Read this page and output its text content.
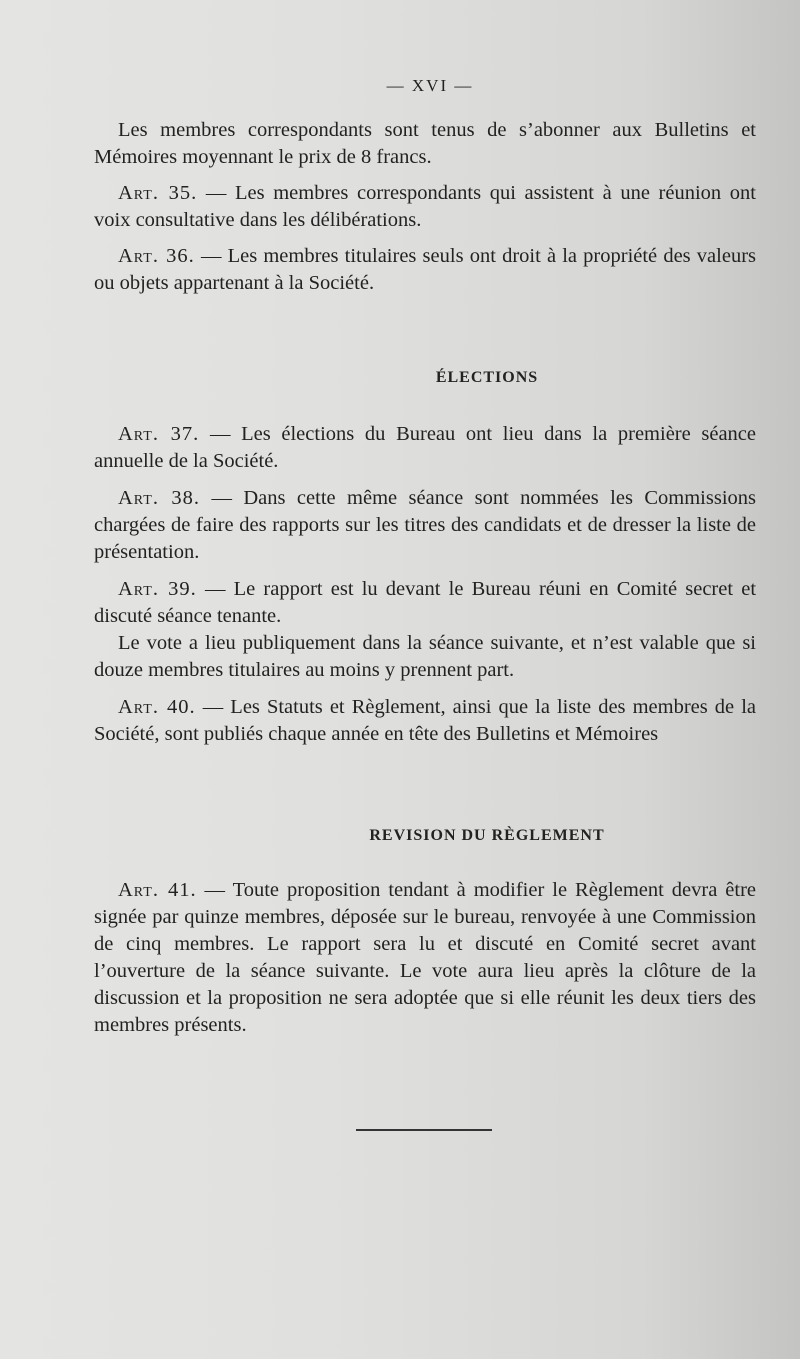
— XVI —

Les membres correspondants sont tenus de s’abonner aux Bulletins et Mémoires moyennant le prix de 8 francs.

Art. 35. — Les membres correspondants qui assistent à une réunion ont voix consultative dans les délibérations.

Art. 36. — Les membres titulaires seuls ont droit à la propriété des valeurs ou objets appartenant à la Société.

ÉLECTIONS

Art. 37. — Les élections du Bureau ont lieu dans la première séance annuelle de la Société.

Art. 38. — Dans cette même séance sont nommées les Commissions chargées de faire des rapports sur les titres des candidats et de dresser la liste de présentation.

Art. 39. — Le rapport est lu devant le Bureau réuni en Comité secret et discuté séance tenante.

Le vote a lieu publiquement dans la séance suivante, et n’est valable que si douze membres titulaires au moins y prennent part.

Art. 40. — Les Statuts et Règlement, ainsi que la liste des membres de la Société, sont publiés chaque année en tête des Bulletins et Mémoires

REVISION DU RÈGLEMENT

Art. 41. — Toute proposition tendant à modifier le Règlement devra être signée par quinze membres, déposée sur le bureau, renvoyée à une Commission de cinq membres. Le rapport sera lu et discuté en Comité secret avant l’ouverture de la séance suivante. Le vote aura lieu après la clôture de la discussion et la proposition ne sera adoptée que si elle réunit les deux tiers des membres présents.
